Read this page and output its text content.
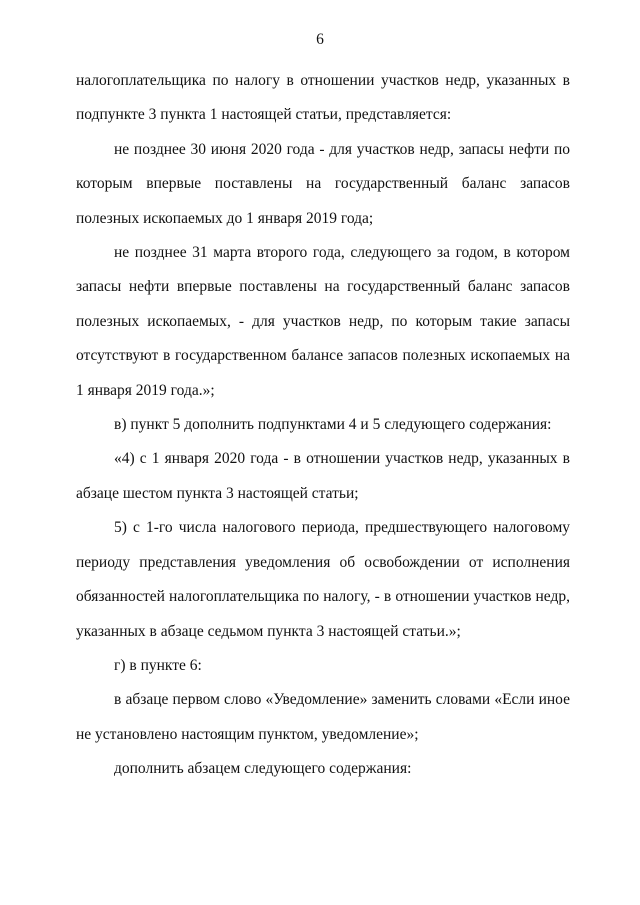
6

налогоплательщика по налогу в отношении участков недр, указанных в подпункте 3 пункта 1 настоящей статьи, представляется:

не позднее 30 июня 2020 года - для участков недр, запасы нефти по которым впервые поставлены на государственный баланс запасов полезных ископаемых до 1 января 2019 года;

не позднее 31 марта второго года, следующего за годом, в котором запасы нефти впервые поставлены на государственный баланс запасов полезных ископаемых, - для участков недр, по которым такие запасы отсутствуют в государственном балансе запасов полезных ископаемых на 1 января 2019 года.»;

в) пункт 5 дополнить подпунктами 4 и 5 следующего содержания:

«4) с 1 января 2020 года - в отношении участков недр, указанных в абзаце шестом пункта 3 настоящей статьи;

5) с 1-го числа налогового периода, предшествующего налоговому периоду представления уведомления об освобождении от исполнения обязанностей налогоплательщика по налогу, - в отношении участков недр, указанных в абзаце седьмом пункта 3 настоящей статьи.»;

г) в пункте 6:

в абзаце первом слово «Уведомление» заменить словами «Если иное не установлено настоящим пунктом, уведомление»;

дополнить абзацем следующего содержания:
